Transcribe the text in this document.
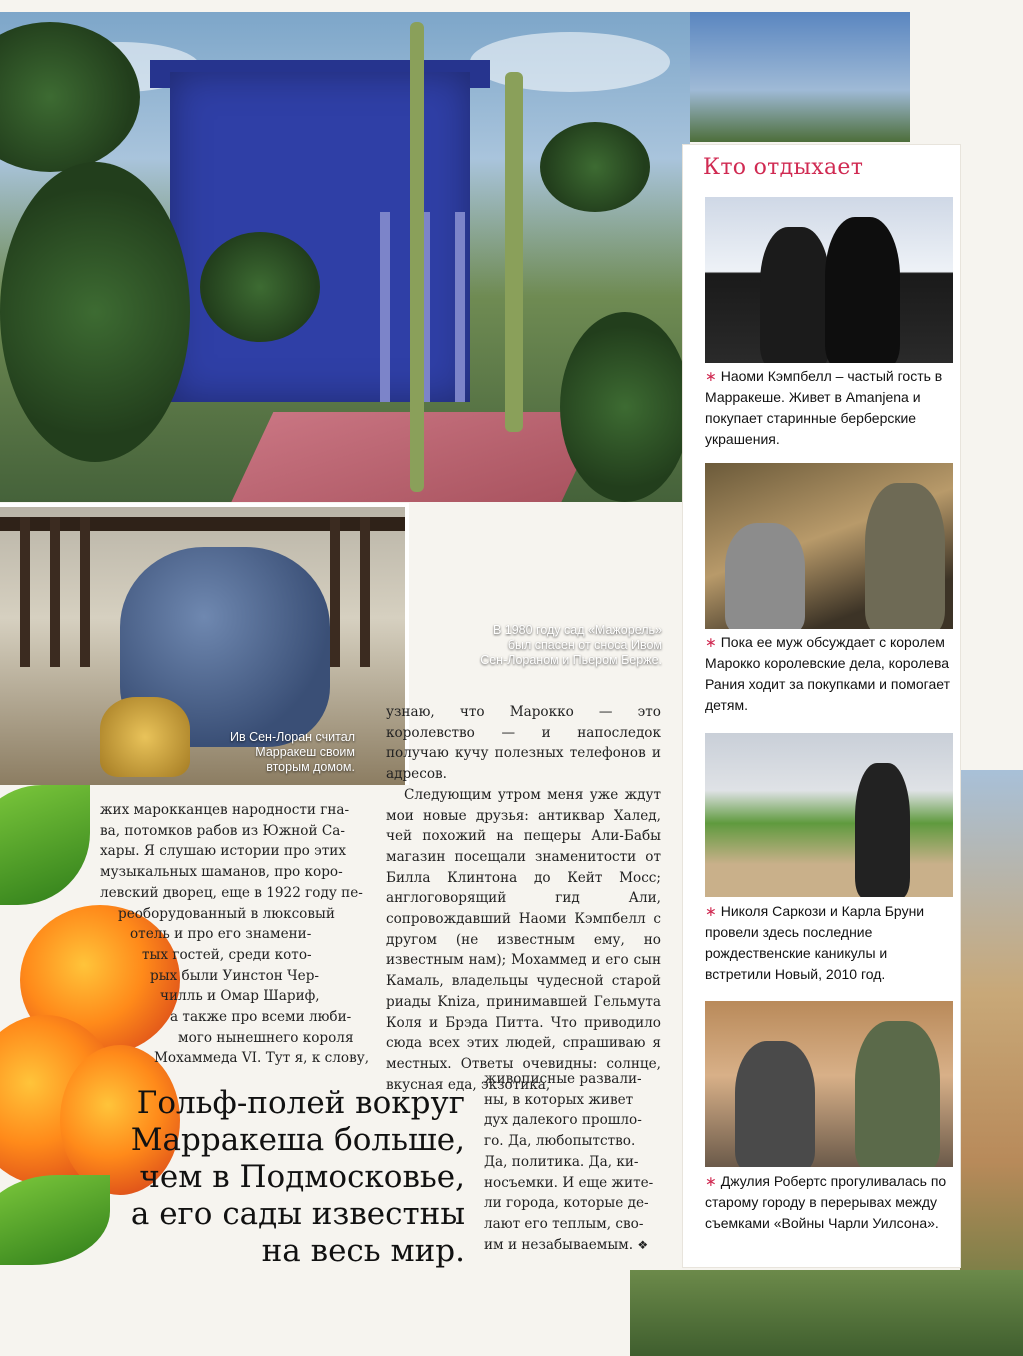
В 1980 году сад «Мажорель»
был спасен от сноса Ивом
Сен-Лораном и Пьером Берже.
Ив Сен-Лоран считал
Марракеш своим
вторым домом.
жих марокканцев народности гна-
ва, потомков рабов из Южной Са-
хары. Я слушаю истории про этих
музыкальных шаманов, про коро-
левский дворец, еще в 1922 году пе-
реоборудованный в люксовый
отель и про его знамени-
тых гостей, среди кото-
рых были Уинстон Чер-
чилль и Омар Шариф,
а также про всеми люби-
мого нынешнего короля
Мохаммеда VI. Тут я, к слову,

узнаю, что Марокко — это королевство — и напоследок получаю кучу полезных телефонов и адресов.

Следующим утром меня уже ждут мои новые друзья: антиквар Халед, чей похожий на пещеры Али-Бабы магазин посещали знаменитости от Билла Клинтона до Кейт Мосс; англоговорящий гид Али, сопровождавший Наоми Кэмпбелл с другом (не известным ему, но известным нам); Мохаммед и его сын Камаль, владельцы чудесной старой риады Kniza, принимавшей Гельмута Коля и Брэда Питта. Что приводило сюда всех этих людей, спрашиваю я местных. Ответы очевидны: солнце, вкусная еда, экзотика,

живописные развали-
ны, в которых живет
дух далекого прошло-
го. Да, любопытство.
Да, политика. Да, ки-
носъемки. И еще жите-
ли города, которые де-
лают его теплым, сво-
им и незабываемым. ❖
Гольф-полей вокруг
Марракеша больше,
чем в Подмосковье,
а его сады известны
на весь мир.
Кто отдыхает
∗ Наоми Кэмпбелл – частый гость в Марракеше. Живет в Amanjena и покупает старинные берберские украшения.
∗ Пока ее муж обсуждает с королем Марокко королевские дела, королева Рания ходит за покупками и помогает детям.
∗ Николя Саркози и Карла Бруни провели здесь последние рождественские каникулы и встретили Новый, 2010 год.
∗ Джулия Робертс прогуливалась по старому городу в перерывах между съемками «Войны Чарли Уилсона».
